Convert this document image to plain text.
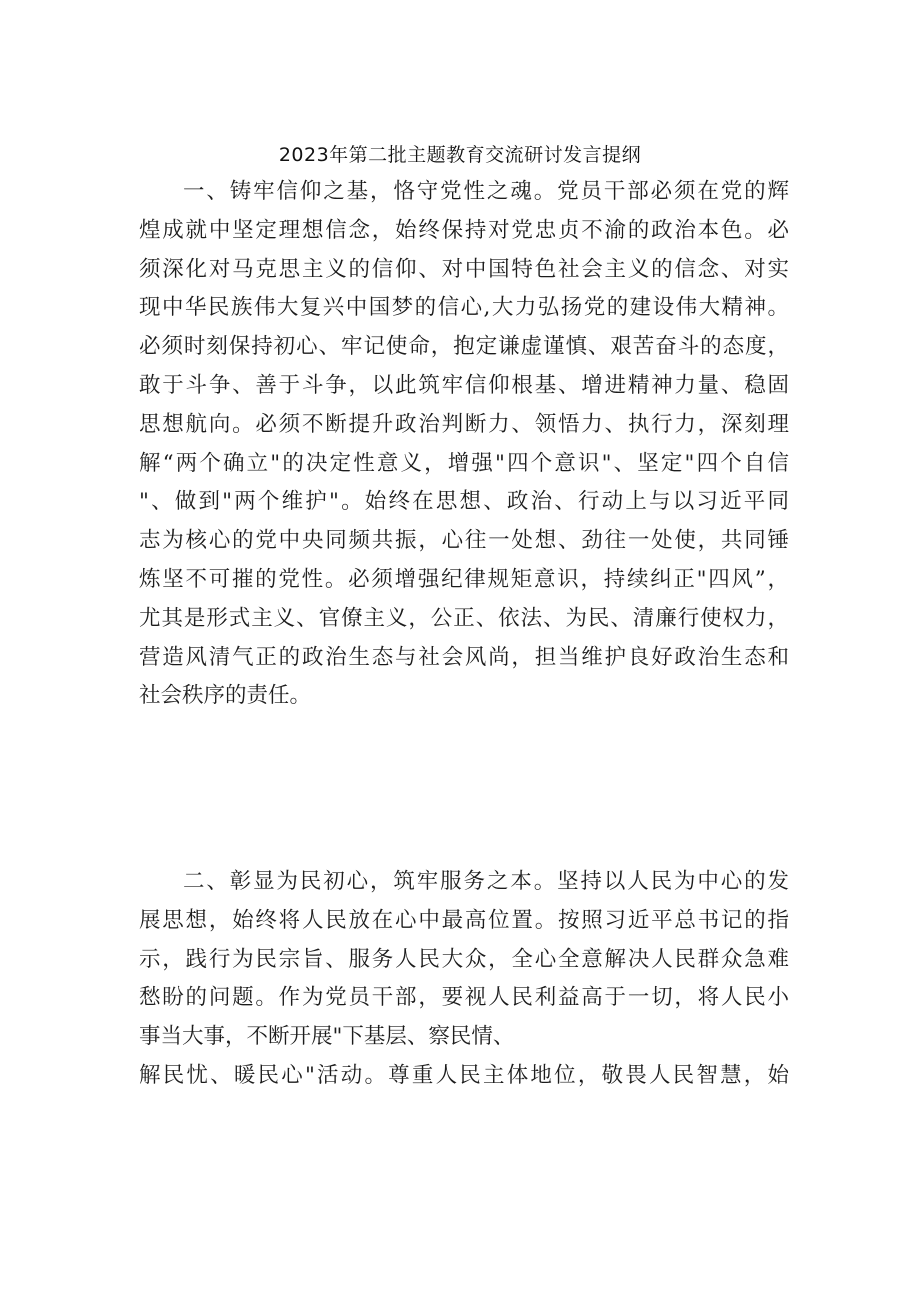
2023年第二批主题教育交流研讨发言提纲
一、铸牢信仰之基，恪守党性之魂。党员干部必须在党的辉
煌成就中坚定理想信念，始终保持对党忠贞不渝的政治本色。必
须深化对马克思主义的信仰、对中国特色社会主义的信念、对实
现中华民族伟大复兴中国梦的信心,大力弘扬党的建设伟大精神。
必须时刻保持初心、牢记使命，抱定谦虚谨慎、艰苦奋斗的态度，
敢于斗争、善于斗争，以此筑牢信仰根基、增进精神力量、稳固
思想航向。必须不断提升政治判断力、领悟力、执行力，深刻理
解“两个确立"的决定性意义，增强"四个意识"、坚定"四个自信
"、做到"两个维护"。始终在思想、政治、行动上与以习近平同
志为核心的党中央同频共振，心往一处想、劲往一处使，共同锤
炼坚不可摧的党性。必须增强纪律规矩意识，持续纠正"四风”，
尤其是形式主义、官僚主义，公正、依法、为民、清廉行使权力，
营造风清气正的政治生态与社会风尚，担当维护良好政治生态和
社会秩序的责任。
二、彰显为民初心，筑牢服务之本。坚持以人民为中心的发
展思想，始终将人民放在心中最高位置。按照习近平总书记的指
示，践行为民宗旨、服务人民大众，全心全意解决人民群众急难
愁盼的问题。作为党员干部，要视人民利益高于一切，将人民小
事当大事，不断开展"下基层、察民情、
解民忧、暖民心"活动。尊重人民主体地位，敬畏人民智慧，始
